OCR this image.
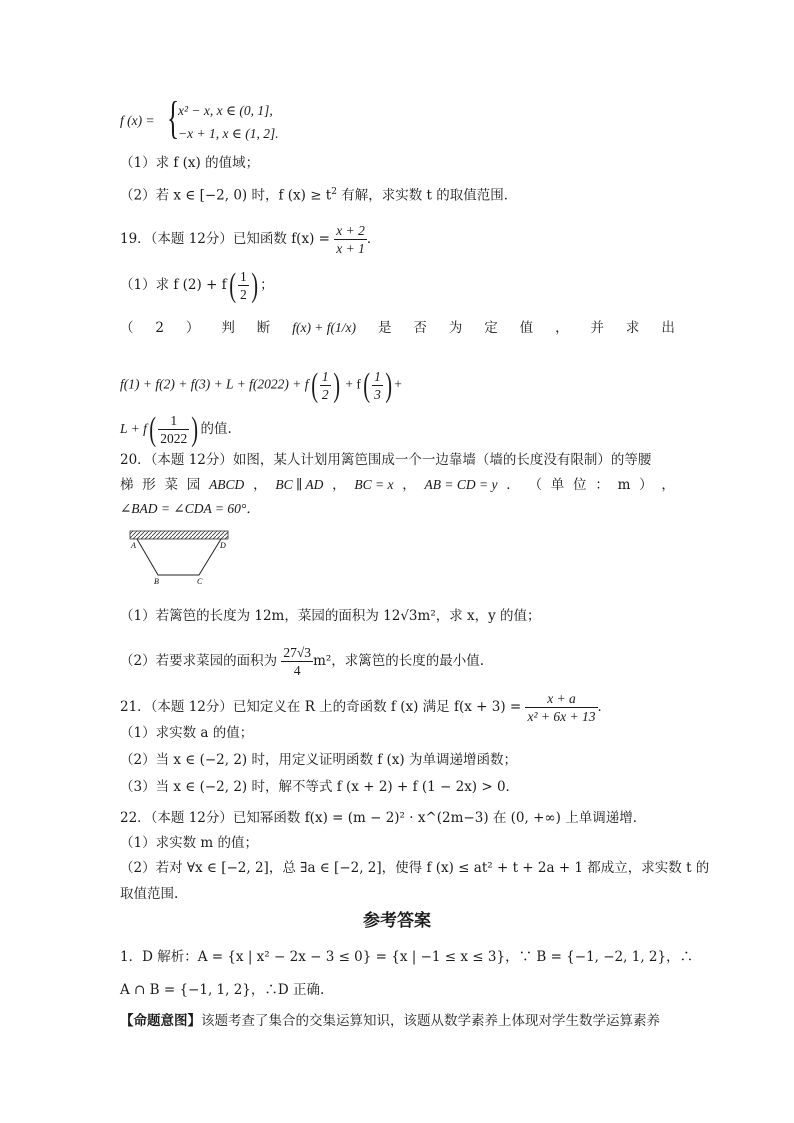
f (x) = {
x² − x, x ∈ (0, 1],
−x + 1, x ∈ (1, 2].
（1）求 f (x) 的值域；
（2）若 x ∈ [−2, 0) 时，f $(x) \ge t^2$ 有解，求实数 t 的取值范围.
19．（本题 12分）已知函数 $f(x) = \frac{x + 2}{x + 1}$ ．
（1）求 f $(2) + f( \frac{1}{2}$ ) ；
（ 2 ） 判 断 f(x) + f(1/x) 是 否 为 定 值 ， 并 求 出
$f(1) + f(2) + f(3) + L + f(2022) + f( \frac{1}{2}$ ) + $f( \frac{1}{3}$ ) +
$L + f( \frac{1}{2022}$ ) 的值.
20．（本题 12分）如图，某人计划用篱笆围成一个一边靠墙（墙的长度没有限制）的等腰
梯 形 菜 园 ABCD ， BC ∥ AD ， BC = x ， AB = CD = y ． （ 单 位 ： m ） ，
∠BAD = ∠CDA = 60°．
A	D
B	C
（1）若篱笆的长度为 12m，菜园的面积为 12√3m²，求 x，y 的值；
（2）若要求菜园的面积为 $\frac{27√3}{4} m^2$，求篱笆的长度的最小值.
21．（本题 12分）已知定义在 R 上的奇函数 f (x) 满足 $f(x + 3) = \frac{x + a}{\text{x² + 6x + 13}}$ ．
（1）求实数 a 的值；
（2）当 x ∈ (−2, 2) 时，用定义证明函数 f (x) 为单调递增函数；
（3）当 x ∈ (−2, 2) 时，解不等式 f (x + 2) + f (1 − 2x) > 0．
22．（本题 12分）已知幂函数 f(x) = (m − 2)² · x^(2m−3) 在 (0, +∞) 上单调递增．
（1）求实数 m 的值；
（2）若对 ∀x ∈ [−2, 2]，总 ∃a ∈ [−2, 2]，使得 f (x) ≤ at² + t + 2a + 1 都成立，求实数 t 的
取值范围.
参考答案
1．D 解析：A = {x | x² − 2x − 3 ≤ 0} = {x | −1 ≤ x ≤ 3}，∵ B = {−1, −2, 1, 2}，∴
A ∩ B = {−1, 1, 2}，∴D 正确.
【命题意图】该题考查了集合的交集运算知识，该题从数学素养上体现对学生数学运算素养
